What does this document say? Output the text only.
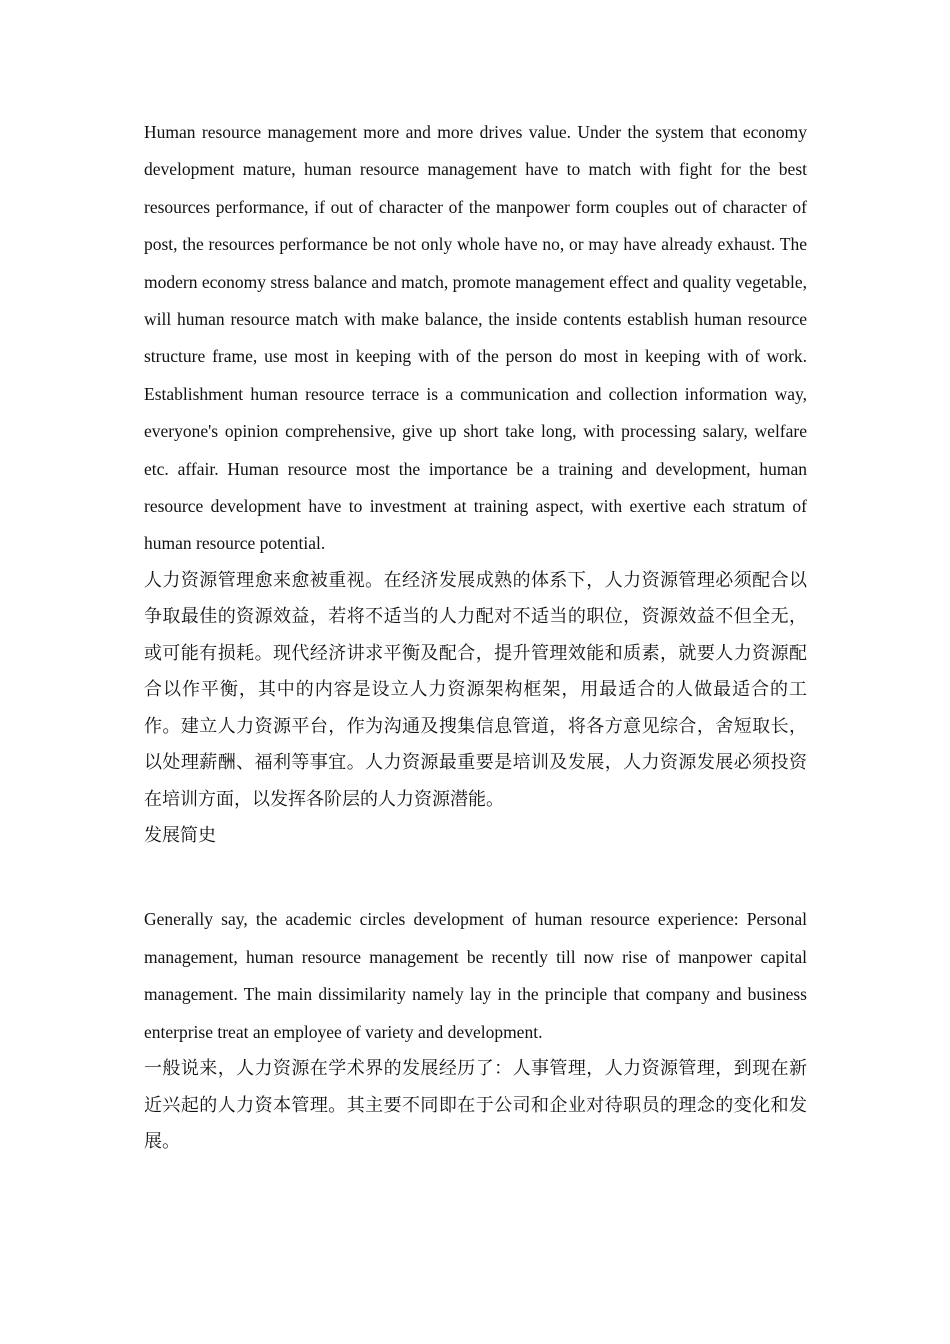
Human resource management more and more drives value. Under the system that economy development mature, human resource management have to match with fight for the best resources performance, if out of character of the manpower form couples out of character of post, the resources performance be not only whole have no, or may have already exhaust. The modern economy stress balance and match, promote management effect and quality vegetable, will human resource match with make balance, the inside contents establish human resource structure frame, use most in keeping with of the person do most in keeping with of work. Establishment human resource terrace is a communication and collection information way, everyone's opinion comprehensive, give up short take long, with processing salary, welfare etc. affair. Human resource most the importance be a training and development, human resource development have to investment at training aspect, with exertive each stratum of human resource potential.

人力资源管理愈来愈被重视。在经济发展成熟的体系下，人力资源管理必须配合以争取最佳的资源效益，若将不适当的人力配对不适当的职位，资源效益不但全无，或可能有损耗。现代经济讲求平衡及配合，提升管理效能和质素，就要人力资源配合以作平衡，其中的内容是设立人力资源架构框架，用最适合的人做最适合的工作。建立人力资源平台，作为沟通及搜集信息管道，将各方意见综合，舍短取长，以处理薪酬、福利等事宜。人力资源最重要是培训及发展，人力资源发展必须投资在培训方面，以发挥各阶层的人力资源潜能。

发展简史

Generally say, the academic circles development of human resource experience: Personal management, human resource management be recently till now rise of manpower capital management. The main dissimilarity namely lay in the principle that company and business enterprise treat an employee of variety and development.

一般说来，人力资源在学术界的发展经历了：人事管理，人力资源管理，到现在新近兴起的人力资本管理。其主要不同即在于公司和企业对待职员的理念的变化和发展。
